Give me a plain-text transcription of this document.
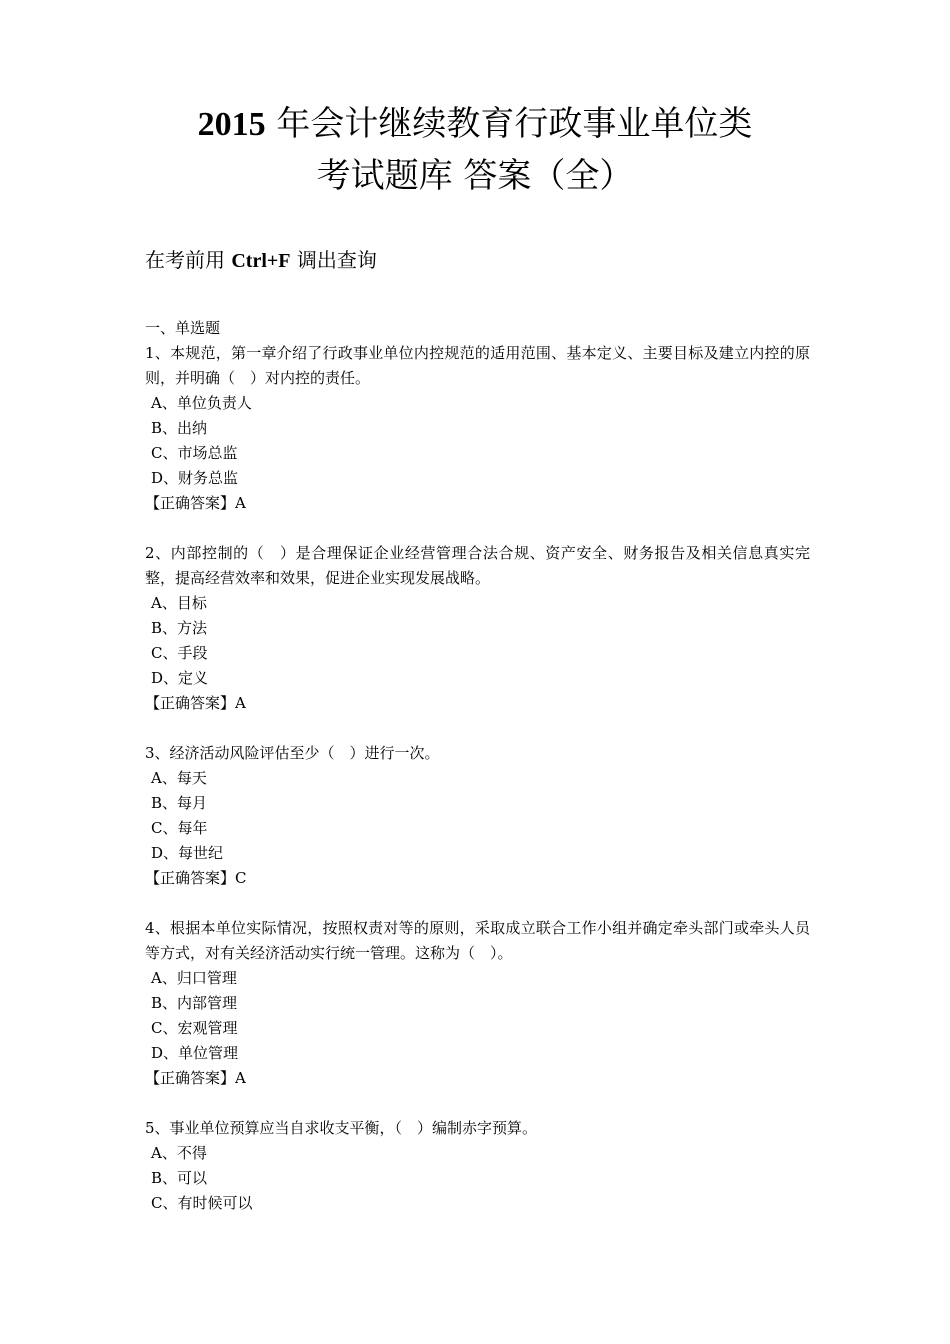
2015 年会计继续教育行政事业单位类
考试题库 答案（全）
在考前用 Ctrl+F 调出查询
一、单选题
1、本规范，第一章介绍了行政事业单位内控规范的适用范围、基本定义、主要目标及建立内控的原则，并明确（　）对内控的责任。
A、单位负责人
B、出纳
C、市场总监
D、财务总监
【正确答案】A
2、内部控制的（　）是合理保证企业经营管理合法合规、资产安全、财务报告及相关信息真实完整，提高经营效率和效果，促进企业实现发展战略。
A、目标
B、方法
C、手段
D、定义
【正确答案】A
3、经济活动风险评估至少（　）进行一次。
A、每天
B、每月
C、每年
D、每世纪
【正确答案】C
4、根据本单位实际情况，按照权责对等的原则，采取成立联合工作小组并确定牵头部门或牵头人员等方式，对有关经济活动实行统一管理。这称为（　）。
A、归口管理
B、内部管理
C、宏观管理
D、单位管理
【正确答案】A
5、事业单位预算应当自求收支平衡，（　）编制赤字预算。
A、不得
B、可以
C、有时候可以
